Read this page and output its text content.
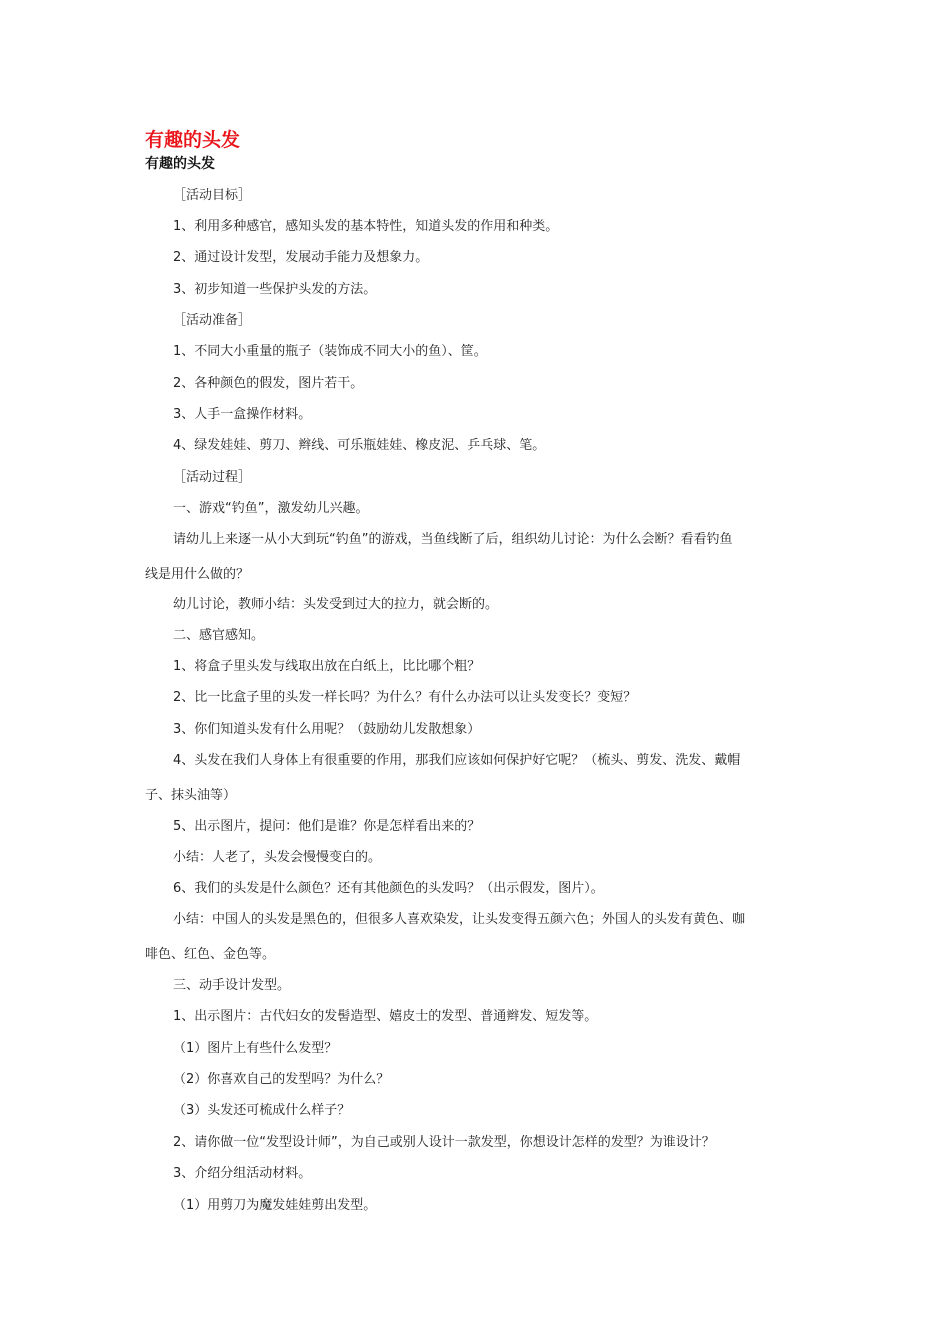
有趣的头发
有趣的头发
［活动目标］
1、利用多种感官，感知头发的基本特性，知道头发的作用和种类。
2、通过设计发型，发展动手能力及想象力。
3、初步知道一些保护头发的方法。
［活动准备］
1、不同大小重量的瓶子（装饰成不同大小的鱼）、筐。
2、各种颜色的假发，图片若干。
3、人手一盒操作材料。
4、绿发娃娃、剪刀、辫线、可乐瓶娃娃、橡皮泥、乒乓球、笔。
［活动过程］
一、游戏“钓鱼”，激发幼儿兴趣。
请幼儿上来逐一从小大到玩“钓鱼”的游戏，当鱼线断了后，组织幼儿讨论：为什么会断？看看钓鱼
线是用什么做的？
幼儿讨论，教师小结：头发受到过大的拉力，就会断的。
二、感官感知。
1、将盒子里头发与线取出放在白纸上，比比哪个粗？
2、比一比盒子里的头发一样长吗？为什么？有什么办法可以让头发变长？变短？
3、你们知道头发有什么用呢？（鼓励幼儿发散想象）
4、头发在我们人身体上有很重要的作用，那我们应该如何保护好它呢？（梳头、剪发、洗发、戴帽
子、抹头油等）
5、出示图片，提问：他们是谁？你是怎样看出来的？
小结：人老了，头发会慢慢变白的。
6、我们的头发是什么颜色？还有其他颜色的头发吗？（出示假发，图片）。
小结：中国人的头发是黑色的，但很多人喜欢染发，让头发变得五颜六色；外国人的头发有黄色、咖
啡色、红色、金色等。
三、动手设计发型。
1、出示图片：古代妇女的发髻造型、嬉皮士的发型、普通辫发、短发等。
（1）图片上有些什么发型？
（2）你喜欢自己的发型吗？为什么？
（3）头发还可梳成什么样子？
2、请你做一位“发型设计师”，为自己或别人设计一款发型，你想设计怎样的发型？为谁设计？
3、介绍分组活动材料。
（1）用剪刀为魔发娃娃剪出发型。
